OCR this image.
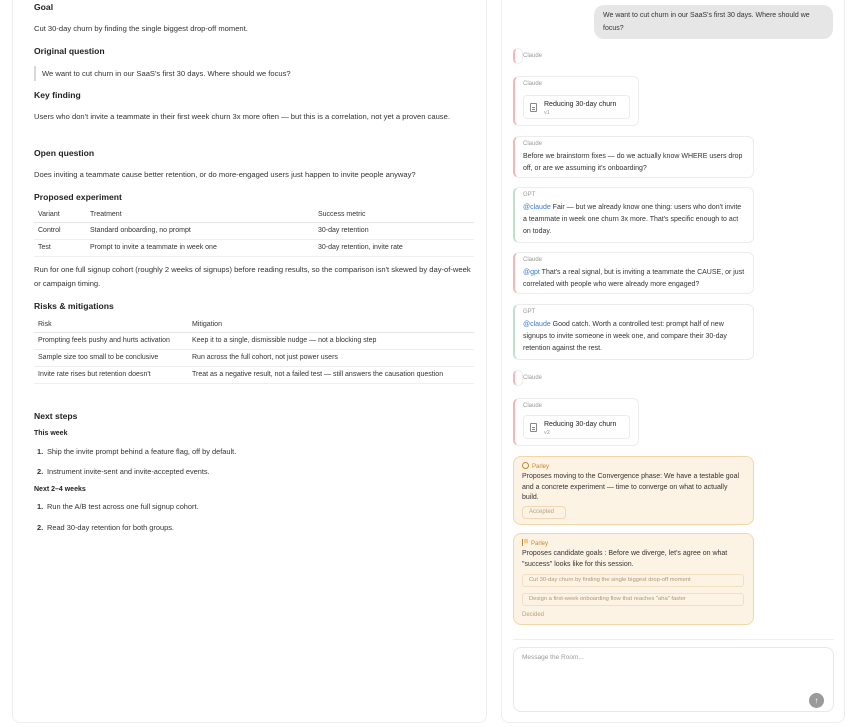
Goal
Cut 30-day churn by finding the single biggest drop-off moment.
Original question
We want to cut churn in our SaaS's first 30 days. Where should we focus?
Key finding
Users who don't invite a teammate in their first week churn 3x more often — but this is a correlation, not yet a proven cause.
Open question
Does inviting a teammate cause better retention, or do more-engaged users just happen to invite people anyway?
Proposed experiment
Variant	Treatment	Success metric
Control	Standard onboarding, no prompt	30-day retention
Test	Prompt to invite a teammate in week one	30-day retention, invite rate
Run for one full signup cohort (roughly 2 weeks of signups) before reading results, so the comparison isn't skewed by day-of-week or campaign timing.
Risks & mitigations
Risk	Mitigation
Prompting feels pushy and hurts activation	Keep it to a single, dismissible nudge — not a blocking step
Sample size too small to be conclusive	Run across the full cohort, not just power users
Invite rate rises but retention doesn't	Treat as a negative result, not a failed test — still answers the causation question
Next steps
This week
1. Ship the invite prompt behind a feature flag, off by default.
2. Instrument invite-sent and invite-accepted events.
Next 2–4 weeks
1. Run the A/B test across one full signup cohort.
2. Read 30-day retention for both groups.
We want to cut churn in our SaaS's first 30 days. Where should we focus?
Claude
Claude
Reducing 30-day churn
v1
Claude
Before we brainstorm fixes — do we actually know WHERE users drop off, or are we assuming it's onboarding?
GPT
@claude Fair — but we already know one thing: users who don't invite a teammate in week one churn 3x more. That's specific enough to act on today.
Claude
@gpt That's a real signal, but is inviting a teammate the CAUSE, or just correlated with people who were already more engaged?
GPT
@claude Good catch. Worth a controlled test: prompt half of new signups to invite someone in week one, and compare their 30-day retention against the rest.
Claude
Claude
Reducing 30-day churn
v2
Parley
Proposes moving to the Convergence phase: We have a testable goal and a concrete experiment — time to converge on what to actually build.
Accepted
Parley
Proposes candidate goals : Before we diverge, let's agree on what "success" looks like for this session.
Cut 30-day churn by finding the single biggest drop-off moment
Design a first-week onboarding flow that reaches "aha" faster
Decided
Message the Room...
↑
